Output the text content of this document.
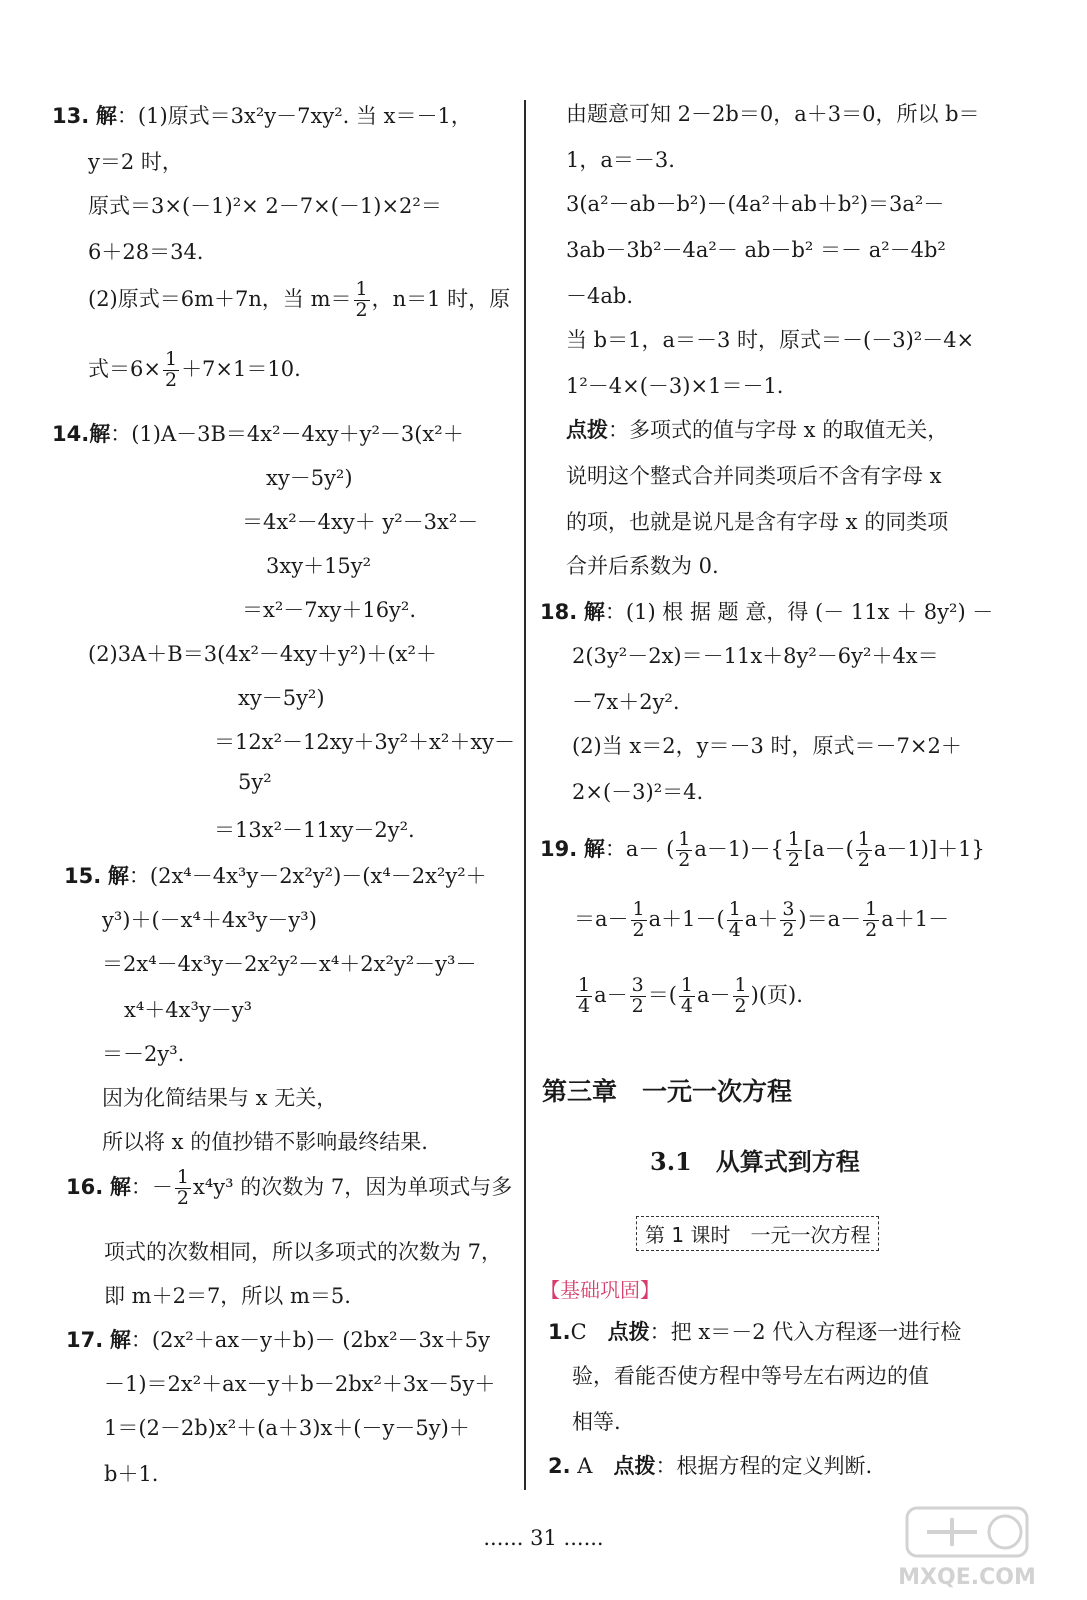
13. 解：(1)原式＝3x²y－7xy². 当 x＝－1，
y＝2 时，
原式＝3×(－1)²× 2－7×(－1)×2²＝
6＋28＝34.
(2)原式＝6m＋7n，当 $m= \frac{1}{2}$ ，n＝1 时，原
式$=6\times \frac{1}{2} +7\times 1=10$.
14.解：(1)A－3B＝4x²－4xy＋y²－3(x²＋
xy－5y²)
＝4x²－4xy＋ y²－3x²－
3xy＋15y²
＝x²－7xy＋16y².
(2)3A＋B＝3(4x²－4xy＋y²)＋(x²＋
xy－5y²)
＝12x²－12xy＋3y²＋x²＋xy－
5y²
＝13x²－11xy－2y².
15. 解：(2x⁴－4x³y－2x²y²)－(x⁴－2x²y²＋
y³)＋(－x⁴＋4x³y－y³)
＝2x⁴－4x³y－2x²y²－x⁴＋2x²y²－y³－
x⁴＋4x³y－y³
＝－2y³.
因为化简结果与 x 无关，
所以将 x 的值抄错不影响最终结果.
16. 解：－ $\frac{1}{2} x^4y^3$ 的次数为 7，因为单项式与多
项式的次数相同，所以多项式的次数为 7，
即 m＋2＝7，所以 m＝5.
17. 解：(2x²＋ax－y＋b)－ (2bx²－3x＋5y
－1)＝2x²＋ax－y＋b－2bx²＋3x－5y＋
1＝(2－2b)x²＋(a＋3)x＋(－y－5y)＋
b＋1.
由题意可知 2－2b＝0，a＋3＝0，所以 b＝
1，a＝－3.
3(a²－ab－b²)－(4a²＋ab＋b²)＝3a²－
3ab－3b²－4a²－ ab－b² ＝－ a²－4b²
－4ab.
当 b＝1，a＝－3 时，原式＝－(－3)²－4×
1²－4×(－3)×1＝－1.
点拨：多项式的值与字母 x 的取值无关，
说明这个整式合并同类项后不含有字母 x
的项，也就是说凡是含有字母 x 的同类项
合并后系数为 0.
18. 解：(1) 根 据 题 意，得 (－ 11x ＋ 8y²) －
2(3y²－2x)＝－11x＋8y²－6y²＋4x＝
－7x＋2y².
(2)当 x＝2，y＝－3 时，原式＝－7×2＋
2×(－3)²＝4.
19. 解：a－ ( $\frac{1}{2} a-1)-\{ \frac{1}{2} [a-( \frac{1}{2} a-1)]+1\}$
$=a- \frac{1}{2} a+1-( \frac{1}{4} a+ \frac{3}{2} )=a- \frac{1}{2} a+1-$
$\frac{1}{4} a- \frac{3}{2}$ ＝( $\frac{1}{4} a- \frac{1}{2}$ )(页).
第三章　一元一次方程
3.1　从算式到方程
第 1 课时　一元一次方程
【基础巩固】
1.C　 点拨：把 x＝－2 代入方程逐一进行检
验，看能否使方程中等号左右两边的值
相等.
2. A　 点拨：根据方程的定义判断.
...... 31 ......
MXQE.COM
